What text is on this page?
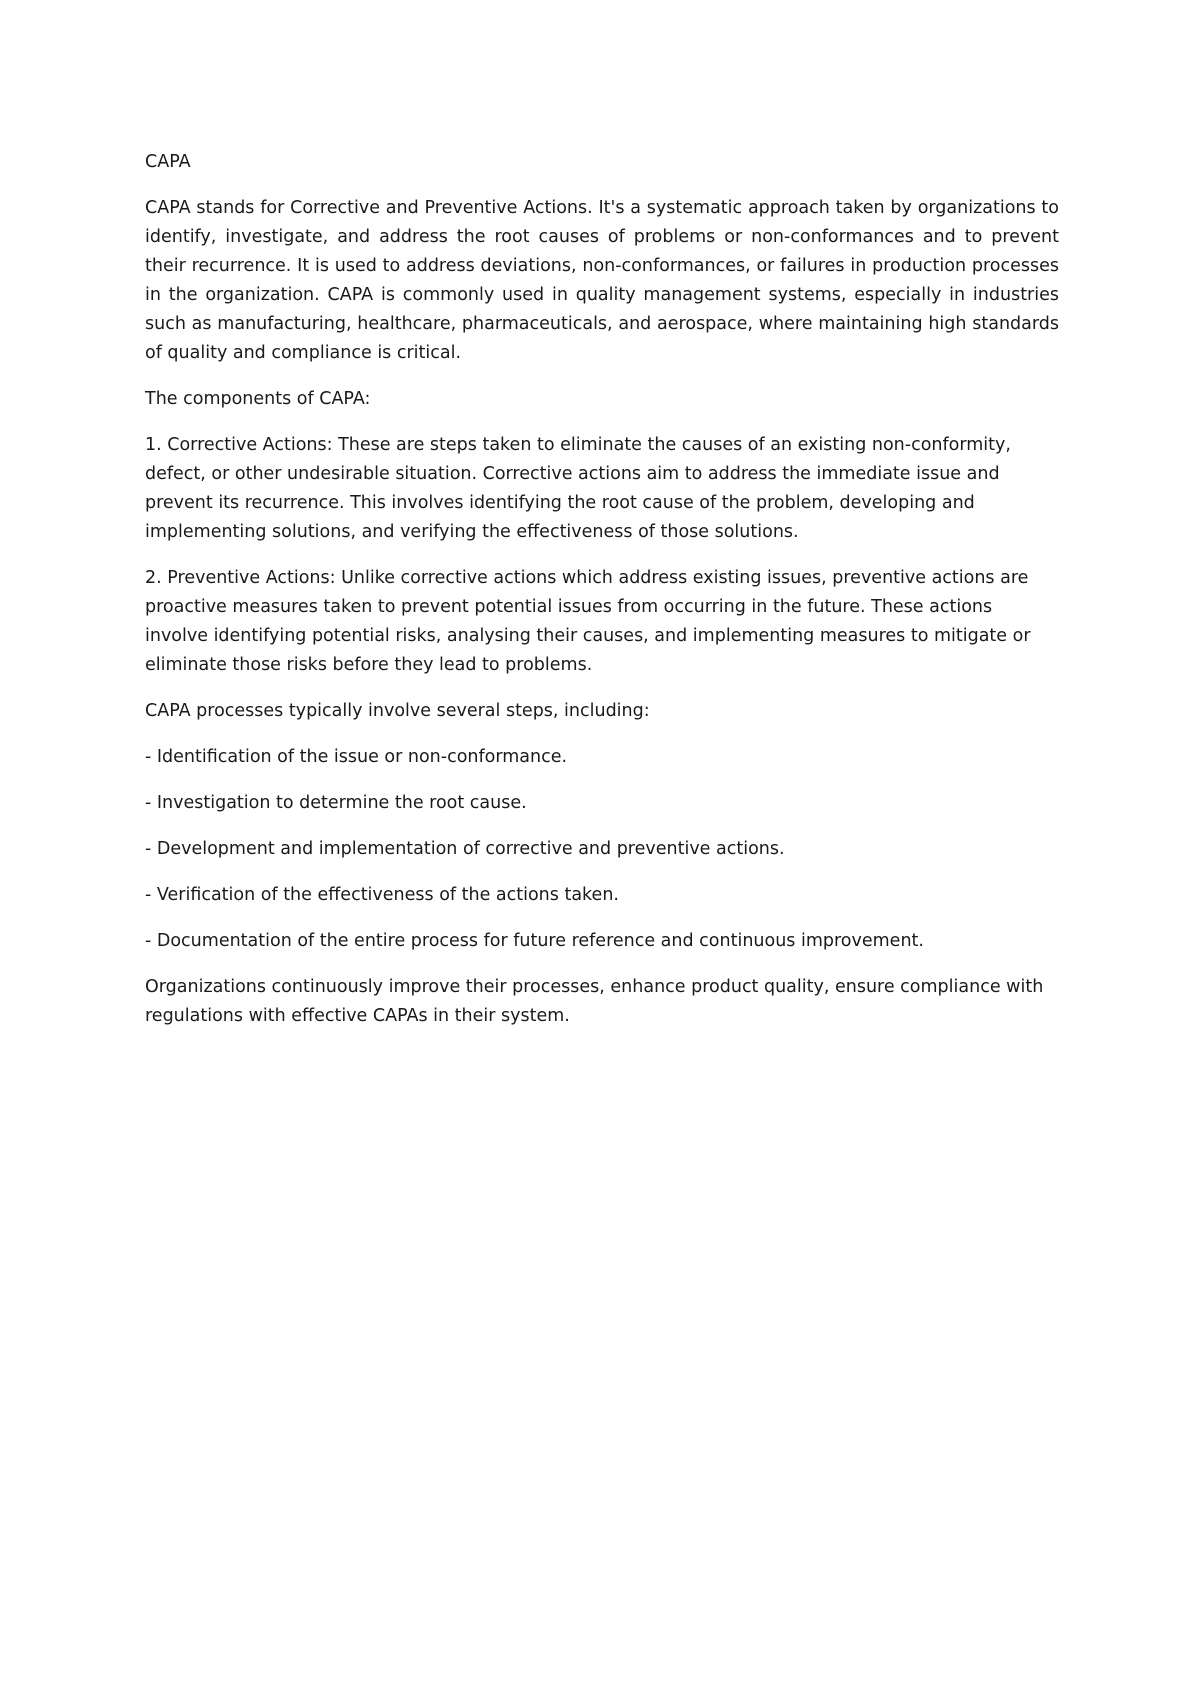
CAPA

CAPA stands for Corrective and Preventive Actions. It's a systematic approach taken by organizations to identify, investigate, and address the root causes of problems or non-conformances and to prevent their recurrence. It is used to address deviations, non-conformances, or failures in production processes in the organization. CAPA is commonly used in quality management systems, especially in industries such as manufacturing, healthcare, pharmaceuticals, and aerospace, where maintaining high standards of quality and compliance is critical.

The components of CAPA:

1. Corrective Actions: These are steps taken to eliminate the causes of an existing non-conformity, defect, or other undesirable situation. Corrective actions aim to address the immediate issue and prevent its recurrence. This involves identifying the root cause of the problem, developing and implementing solutions, and verifying the effectiveness of those solutions.

2. Preventive Actions: Unlike corrective actions which address existing issues, preventive actions are proactive measures taken to prevent potential issues from occurring in the future. These actions involve identifying potential risks, analysing their causes, and implementing measures to mitigate or eliminate those risks before they lead to problems.

CAPA processes typically involve several steps, including:

- Identification of the issue or non-conformance.

- Investigation to determine the root cause.

- Development and implementation of corrective and preventive actions.

- Verification of the effectiveness of the actions taken.

- Documentation of the entire process for future reference and continuous improvement.

Organizations continuously improve their processes, enhance product quality, ensure compliance with regulations with effective CAPAs in their system.
